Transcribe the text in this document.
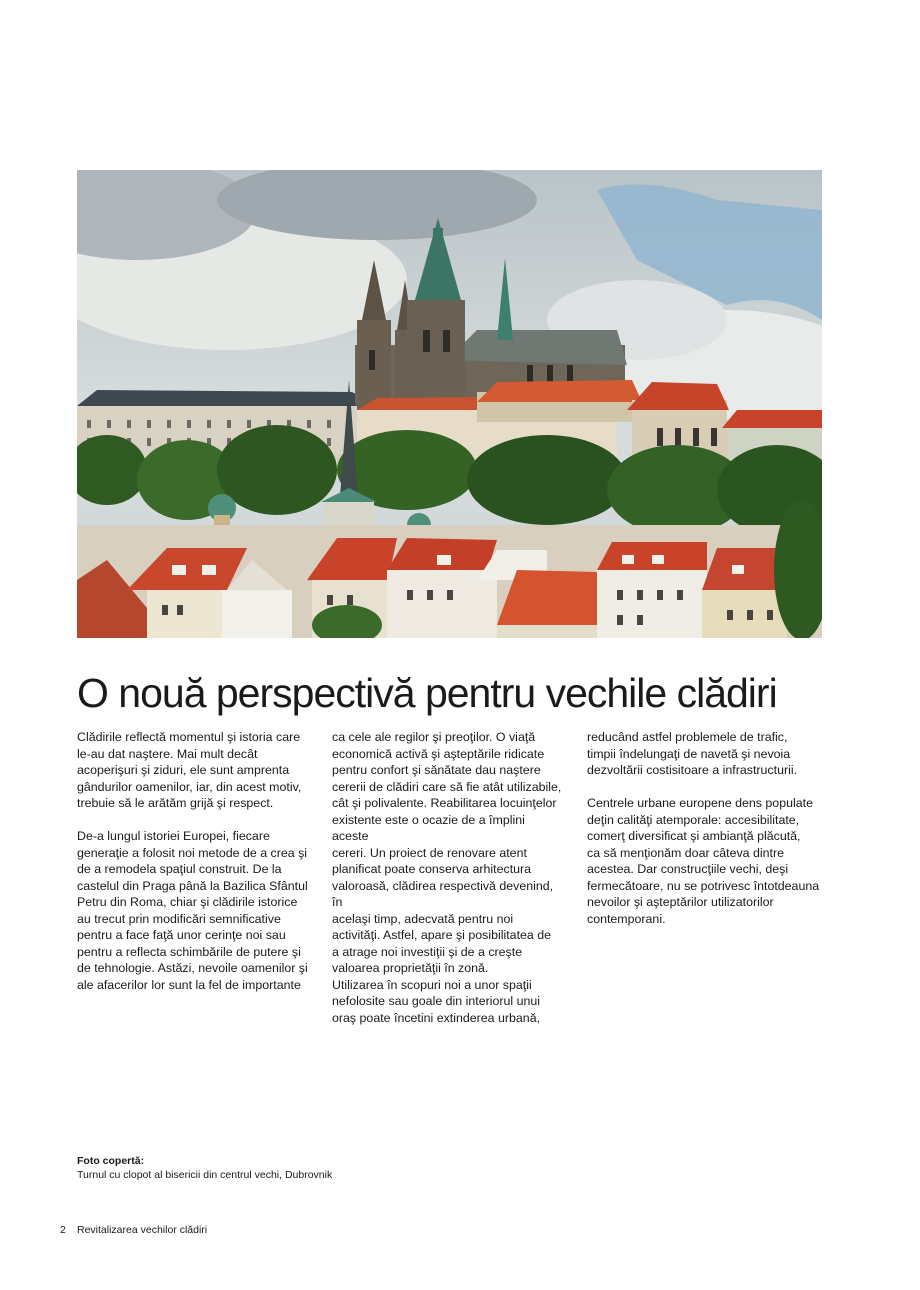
O nouă perspectivă pentru vechile clădiri

Clădirile reflectă momentul şi istoria care

le-au dat naştere. Mai mult decât

acoperişuri şi ziduri, ele sunt amprenta

gândurilor oamenilor, iar, din acest motiv,

trebuie să le arătăm grijă şi respect.

De-a lungul istoriei Europei, fiecare

generaţie a folosit noi metode de a crea şi

de a remodela spaţiul construit. De la

castelul din Praga până la Bazilica Sfântul

Petru din Roma, chiar şi clădirile istorice

au trecut prin modificări semnificative

pentru a face faţă unor cerinţe noi sau

pentru a reflecta schimbările de putere şi

de tehnologie. Astăzi, nevoile oamenilor şi

ale afacerilor lor sunt la fel de importante

ca cele ale regilor şi preoţilor. O viaţă

economică activă şi aşteptările ridicate

pentru confort şi sănătate dau naştere

cererii de clădiri care să fie atât utilizabile,

cât şi polivalente. Reabilitarea locuinţelor

existente este o ocazie de a împlini aceste

cereri. Un proiect de renovare atent

planificat poate conserva arhitectura

valoroasă, clădirea respectivă devenind, în

acelaşi timp, adecvată pentru noi

activităţi. Astfel, apare şi posibilitatea de

a atrage noi investiţii şi de a creşte

valoarea proprietăţii în zonă.

Utilizarea în scopuri noi a unor spaţii

nefolosite sau goale din interiorul unui

oraş poate încetini extinderea urbană,

reducând astfel problemele de trafic,

timpii îndelungaţi de navetă şi nevoia

dezvoltării costisitoare a infrastructurii.

Centrele urbane europene dens populate

deţin calităţi atemporale: accesibilitate,

comerţ diversificat şi ambianţă plăcută,

ca să menţionăm doar câteva dintre

acestea. Dar construcţiile vechi, deşi

fermecătoare, nu se potrivesc întotdeauna

nevoilor şi aşteptărilor utilizatorilor

contemporani.

Foto copertă:
Turnul cu clopot al bisericii din centrul vechi, Dubrovnik
2 Revitalizarea vechilor clădiri
